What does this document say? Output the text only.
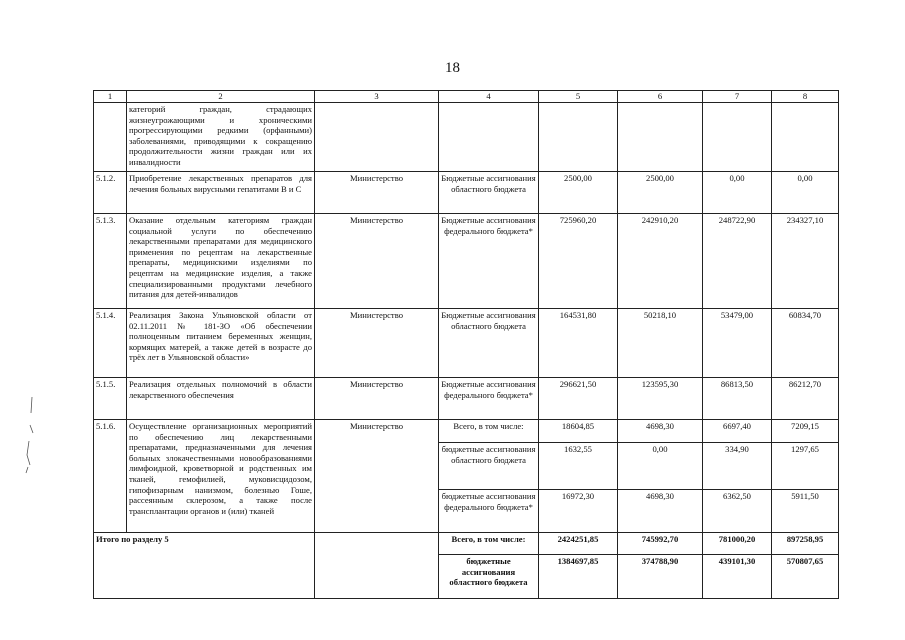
18
1	2	3	4	5	6	7	8
	категорий граждан, страдающих жизнеугрожающими и хроническими прогрессирующими редкими (орфанными) заболеваниями, приводящими к сокращению продолжительности жизни граждан или их инвалидности						
5.1.2.	Приобретение лекарственных препаратов для лечения больных вирусными гепатитами В и С	Министерство	Бюджетные ассигнования областного бюджета	2500,00	2500,00	0,00	0,00
5.1.3.	Оказание отдельным категориям граждан социальной услуги по обеспечению лекарственными препаратами для медицинского применения по рецептам на лекарственные препараты, медицинскими изделиями по рецептам на медицинские изделия, а также специализированными продуктами лечебного питания для детей-инвалидов	Министерство	Бюджетные ассигнования федерального бюджета*	725960,20	242910,20	248722,90	234327,10
5.1.4.	Реализация Закона Ульяновской области от 02.11.2011 № 181-ЗО «Об обеспечении полноценным питанием беременных женщин, кормящих матерей, а также детей в возрасте до трёх лет в Ульяновской области»	Министерство	Бюджетные ассигнования областного бюджета	164531,80	50218,10	53479,00	60834,70
5.1.5.	Реализация отдельных полномочий в области лекарственного обеспечения	Министерство	Бюджетные ассигнования федерального бюджета*	296621,50	123595,30	86813,50	86212,70
5.1.6.	Осуществление организационных мероприятий по обеспечению лиц лекарственными препаратами, предназначенными для лечения больных злокачественными новообразованиями лимфоидной, кроветворной и родственных им тканей, гемофилией, муковисцидозом, гипофизарным нанизмом, болезнью Гоше, рассеянным склерозом, а также после трансплантации органов и (или) тканей	Министерство	Всего, в том числе:	18604,85	4698,30	6697,40	7209,15
			бюджетные ассигнования областного бюджета	1632,55	0,00	334,90	1297,65
			бюджетные ассигнования федерального бюджета*	16972,30	4698,30	6362,50	5911,50
Итого по разделу 5			Всего, в том числе:	2424251,85	745992,70	781000,20	897258,95
			бюджетные ассигнования областного бюджета	1384697,85	374788,90	439101,30	570807,65
